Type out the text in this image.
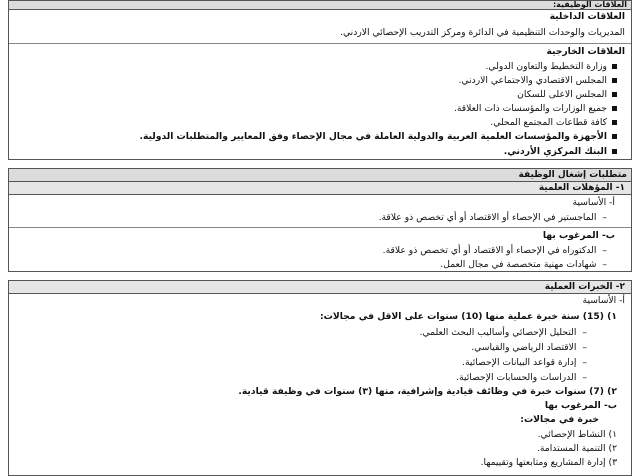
العلاقات الوظيفية:
العلاقات الداخلية
المديريات والوحدات التنظيمية في الدائرة ومركز التدريب الإحصائي الاردني.
العلاقات الخارجية
وزارة التخطيط والتعاون الدولي.
المجلس الاقتصادي والاجتماعي الاردني.
المجلس الاعلى للسكان
جميع الوزارات والمؤسسات ذات العلاقة.
كافة قطاعات المجتمع المحلي.
الأجهزة والمؤسسات العلمية العربية والدولية العاملة في مجال الإحصاء وفق المعايير والمتطلبات الدولية.
البنك المركزي الأردني.
متطلبات إشغال الوظيفة
١- المؤهلات العلمية
أ- الأساسية
– الماجستير في الإحصاء أو الاقتصاد أو أي تخصص ذو علاقة.
ب- المرغوب بها
– الدكتوراه في الإحصاء أو الاقتصاد أو أي تخصص ذو علاقة.
– شهادات مهنية متخصصة في مجال العمل.
٢- الخبرات العملية
أ- الأساسية
١) (15) سنة خبرة عملية منها (10) سنوات على الاقل في مجالات:
– التحليل الإحصائي وأساليب البحث العلمي.
– الاقتصاد الرياضي والقياسي.
– إدارة قواعد البيانات الإحصائية.
– الدراسات والحسابات الإحصائية.
٢) (7) سنوات خبرة في وظائف قيادية وإشرافية، منها (٣) سنوات في وظيفة قيادية.
ب- المرغوب بها
خبرة في مجالات:
١) النشاط الإحصائي.
٢) التنمية المستدامة.
٣) إدارة المشاريع ومتابعتها وتقييمها.
